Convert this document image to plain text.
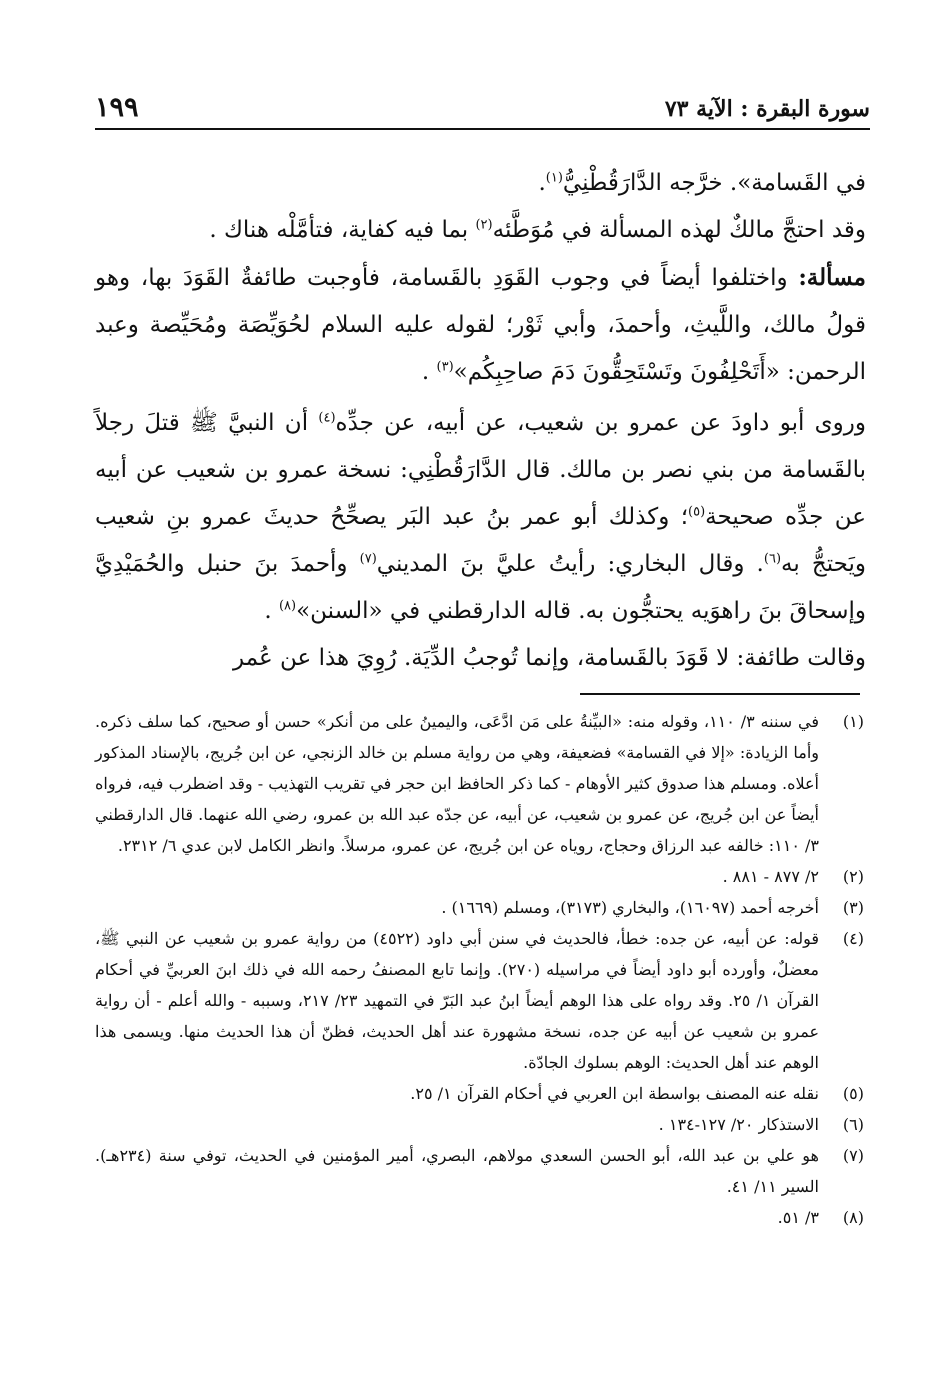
سورة البقرة : الآية ٧٣
١٩٩

في القَسامة». خرَّجه الدَّارَقُطْنِيُّ$^{(١)}$.

وقد احتجَّ مالكٌ لهذه المسألة في مُوَطَّئه$^{(٢)}$ بما فيه كفاية، فتأمَّلْه هناك .

مسألة: واختلفوا أيضاً في وجوب القَوَدِ بالقَسامة، فأوجبت طائفةٌ القَوَدَ بها، وهو قولُ مالك، واللَّيثِ، وأحمدَ، وأبي ثَوْر؛ لقوله عليه السلام لحُوَيِّصَة ومُحَيِّصة وعبد الرحمن: «أَتَحْلِفُونَ وتَسْتَحِقُّونَ دَمَ صاحِبِكُم»$^{(٣)}$ .

وروى أبو داودَ عن عمرو بن شعيب، عن أبيه، عن جدِّه$^{(٤)}$ أن النبيَّ ﷺ قتلَ رجلاً بالقَسامة من بني نصر بن مالك. قال الدَّارَقُطْنِي: نسخة عمرو بن شعيب عن أبيه عن جدِّه صحيحة$^{(٥)}$؛ وكذلك أبو عمر بنُ عبد البَر يصحِّحُ حديثَ عمرو بنِ شعيب ويَحتجُّ به$^{(٦)}$. وقال البخاري: رأيتُ عليَّ بنَ المديني$^{(٧)}$ وأحمدَ بنَ حنبل والحُمَيْدِيَّ وإسحاقَ بنَ راهوَيه يحتجُّون به. قاله الدارقطني في «السنن»$^{(٨)}$ .

وقالت طائفة: لا قَوَدَ بالقَسامة، وإنما تُوجبُ الدِّيَة. رُوِيَ هذا عن عُمر

(١)
في سننه ٣/ ١١٠، وقوله منه: «البيِّنةُ على مَن ادَّعَى، واليمينُ على من أنكر» حسن أو صحيح، كما سلف ذكره. وأما الزيادة: «إلا في القسامة» فضعيفة، وهي من رواية مسلم بن خالد الزنجي، عن ابن جُريج، بالإسناد المذكور أعلاه. ومسلم هذا صدوق كثير الأوهام - كما ذكر الحافظ ابن حجر في تقريب التهذيب - وقد اضطرب فيه، فرواه أيضاً عن ابن جُريج، عن عمرو بن شعيب، عن أبيه، عن جدّه عبد الله بن عمرو، رضي الله عنهما. قال الدارقطني ٣/ ١١٠: خالفه عبد الرزاق وحجاج، روياه عن ابن جُريج، عن عمرو، مرسلاً. وانظر الكامل لابن عدي ٦/ ٢٣١٢.
(٢)
٢/ ٨٧٧ - ٨٨١ .
(٣)
أخرجه أحمد (١٦٠٩٧)، والبخاري (٣١٧٣)، ومسلم (١٦٦٩) .
(٤)
قوله: عن أبيه، عن جده: خطأ، فالحديث في سنن أبي داود (٤٥٢٢) من رواية عمرو بن شعيب عن النبي ﷺ، معضلٌ، وأورده أبو داود أيضاً في مراسيله (٢٧٠). وإنما تابع المصنفُ رحمه الله في ذلك ابنَ العربيِّ في أحكام القرآن ١/ ٢٥. وقد رواه على هذا الوهم أيضاً ابنُ عبد البَرّ في التمهيد ٢٣/ ٢١٧، وسببه - والله أعلم - أن رواية عمرو بن شعيب عن أبيه عن جده، نسخة مشهورة عند أهل الحديث، فظنّ أن هذا الحديث منها. ويسمى هذا الوهم عند أهل الحديث: الوهم بسلوك الجادّة.
(٥)
نقله عنه المصنف بواسطة ابن العربي في أحكام القرآن ١/ ٢٥.
(٦)
الاستذكار ٢٠/ ١٢٧-١٣٤ .
(٧)
هو علي بن عبد الله، أبو الحسن السعدي مولاهم، البصري، أمير المؤمنين في الحديث، توفي سنة (٢٣٤هـ). السير ١١/ ٤١.
(٨)
٣/ ٥١.
